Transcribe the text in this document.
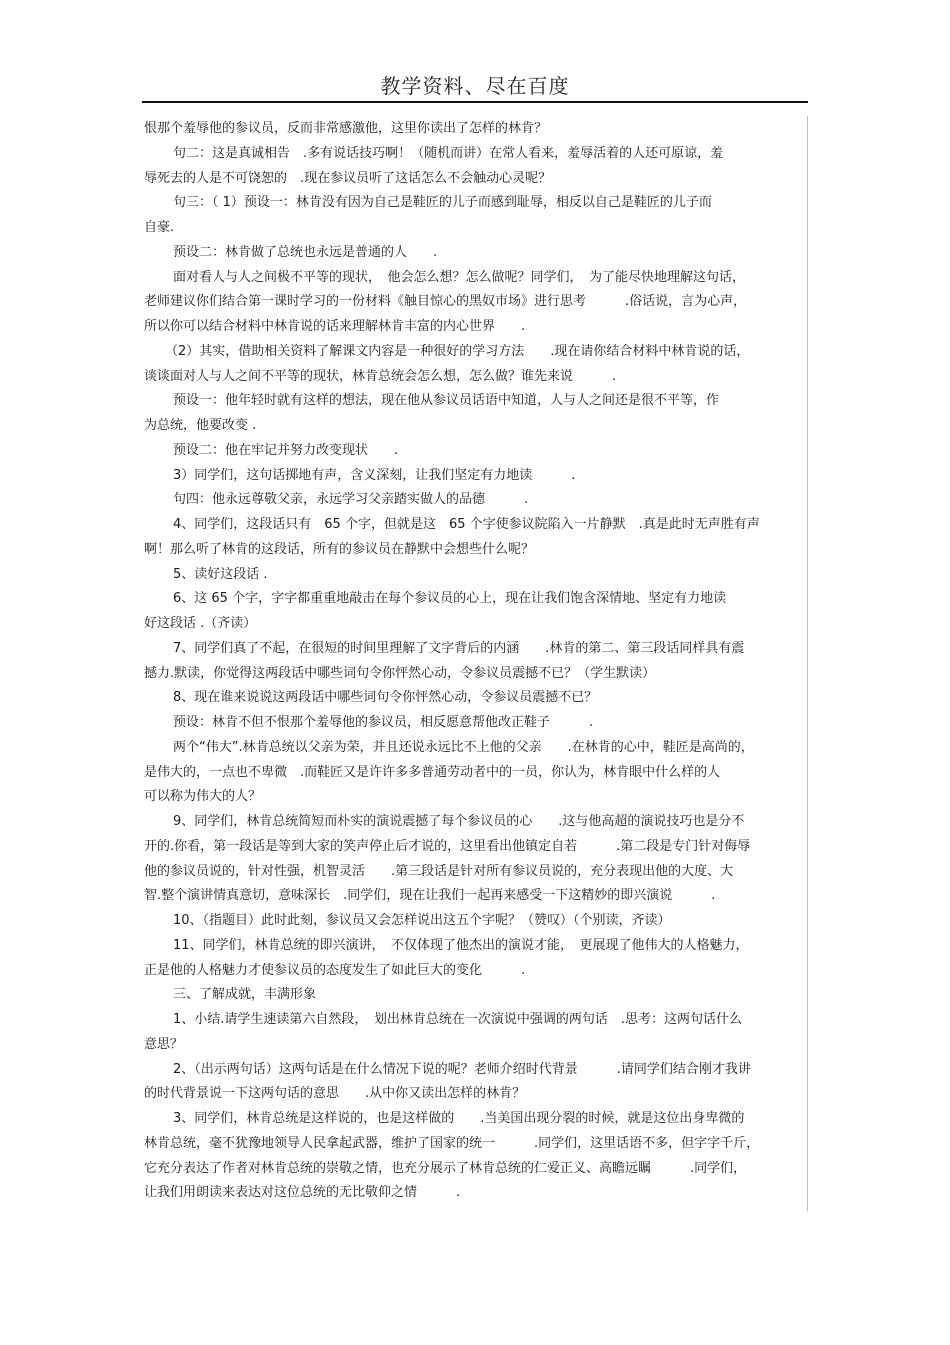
教学资料、尽在百度
恨那个羞辱他的参议员，反而非常感激他，这里你读出了怎样的林肯？
句二：这是真诚相告　.多有说话技巧啊！（随机而讲）在常人看来，羞辱活着的人还可原谅，羞
辱死去的人是不可饶恕的　.现在参议员听了这话怎么不会触动心灵呢？
句三：（ 1）预设一：林肯没有因为自己是鞋匠的儿子而感到耻辱，相反以自己是鞋匠的儿子而
自豪.
预设二：林肯做了总统也永远是普通的人　　.
面对看人与人之间极不平等的现状，　他会怎么想？怎么做呢？同学们，　为了能尽快地理解这句话，
老师建议你们结合第一课时学习的一份材料《触目惊心的黑奴市场》进行思考　　　.俗话说，言为心声，
所以你可以结合材料中林肯说的话来理解林肯丰富的内心世界　　.
（2）其实，借助相关资料了解课文内容是一种很好的学习方法　　.现在请你结合材料中林肯说的话，
谈谈面对人与人之间不平等的现状，林肯总统会怎么想，怎么做？谁先来说　　　.
预设一：他年轻时就有这样的想法，现在他从参议员话语中知道，人与人之间还是很不平等，作
为总统，他要改变 .
预设二：他在牢记并努力改变现状　　.
3）同学们，这句话掷地有声，含义深刻，让我们坚定有力地读　　　.
句四：他永远尊敬父亲，永远学习父亲踏实做人的品德　　　.
4、同学们，这段话只有　65 个字，但就是这　65 个字使参议院陷入一片静默　.真是此时无声胜有声
啊！那么听了林肯的这段话，所有的参议员在静默中会想些什么呢？
5、读好这段话 .
6、这 65 个字，字字都重重地敲击在每个参议员的心上，现在让我们饱含深情地、坚定有力地读
好这段话 .（齐读）
7、同学们真了不起，在很短的时间里理解了文字背后的内涵　　.林肯的第二、第三段话同样具有震
撼力.默读，你觉得这两段话中哪些词句令你怦然心动，令参议员震撼不已？（学生默读）
8、现在谁来说说这两段话中哪些词句令你怦然心动，令参议员震撼不已？
预设：林肯不但不恨那个羞辱他的参议员，相反愿意帮他改正鞋子　　　.
两个“伟大”.林肯总统以父亲为荣，并且还说永远比不上他的父亲　　.在林肯的心中，鞋匠是高尚的，
是伟大的，一点也不卑微　.而鞋匠又是许许多多普通劳动者中的一员，你认为，林肯眼中什么样的人
可以称为伟大的人？
9、同学们，林肯总统简短而朴实的演说震撼了每个参议员的心　　.这与他高超的演说技巧也是分不
开的.你看，第一段话是等到大家的笑声停止后才说的，这里看出他镇定自若　　　.第二段是专门针对侮辱
他的参议员说的，针对性强，机智灵活　　.第三段话是针对所有参议员说的，充分表现出他的大度、大
智.整个演讲情真意切，意味深长　.同学们，现在让我们一起再来感受一下这精妙的即兴演说　　　.
10、（指题目）此时此刻，参议员又会怎样说出这五个字呢？（赞叹）（个别读，齐读）
11、同学们，林肯总统的即兴演讲，　不仅体现了他杰出的演说才能，　更展现了他伟大的人格魅力，
正是他的人格魅力才使参议员的态度发生了如此巨大的变化　　　.
三、了解成就，丰满形象
1、小结.请学生速读第六自然段，　划出林肯总统在一次演说中强调的两句话　.思考：这两句话什么
意思？
2、（出示两句话）这两句话是在什么情况下说的呢？老师介绍时代背景　　　.请同学们结合刚才我讲
的时代背景说一下这两句话的意思　　.从中你又读出怎样的林肯？
3、同学们，林肯总统是这样说的，也是这样做的　　.当美国出现分裂的时候，就是这位出身卑微的
林肯总统，毫不犹豫地领导人民拿起武器，维护了国家的统一　　　.同学们，这里话语不多，但字字千斤，
它充分表达了作者对林肯总统的崇敬之情，也充分展示了林肯总统的仁爱正义、高瞻远瞩　　　.同学们，
让我们用朗读来表达对这位总统的无比敬仰之情　　　.
